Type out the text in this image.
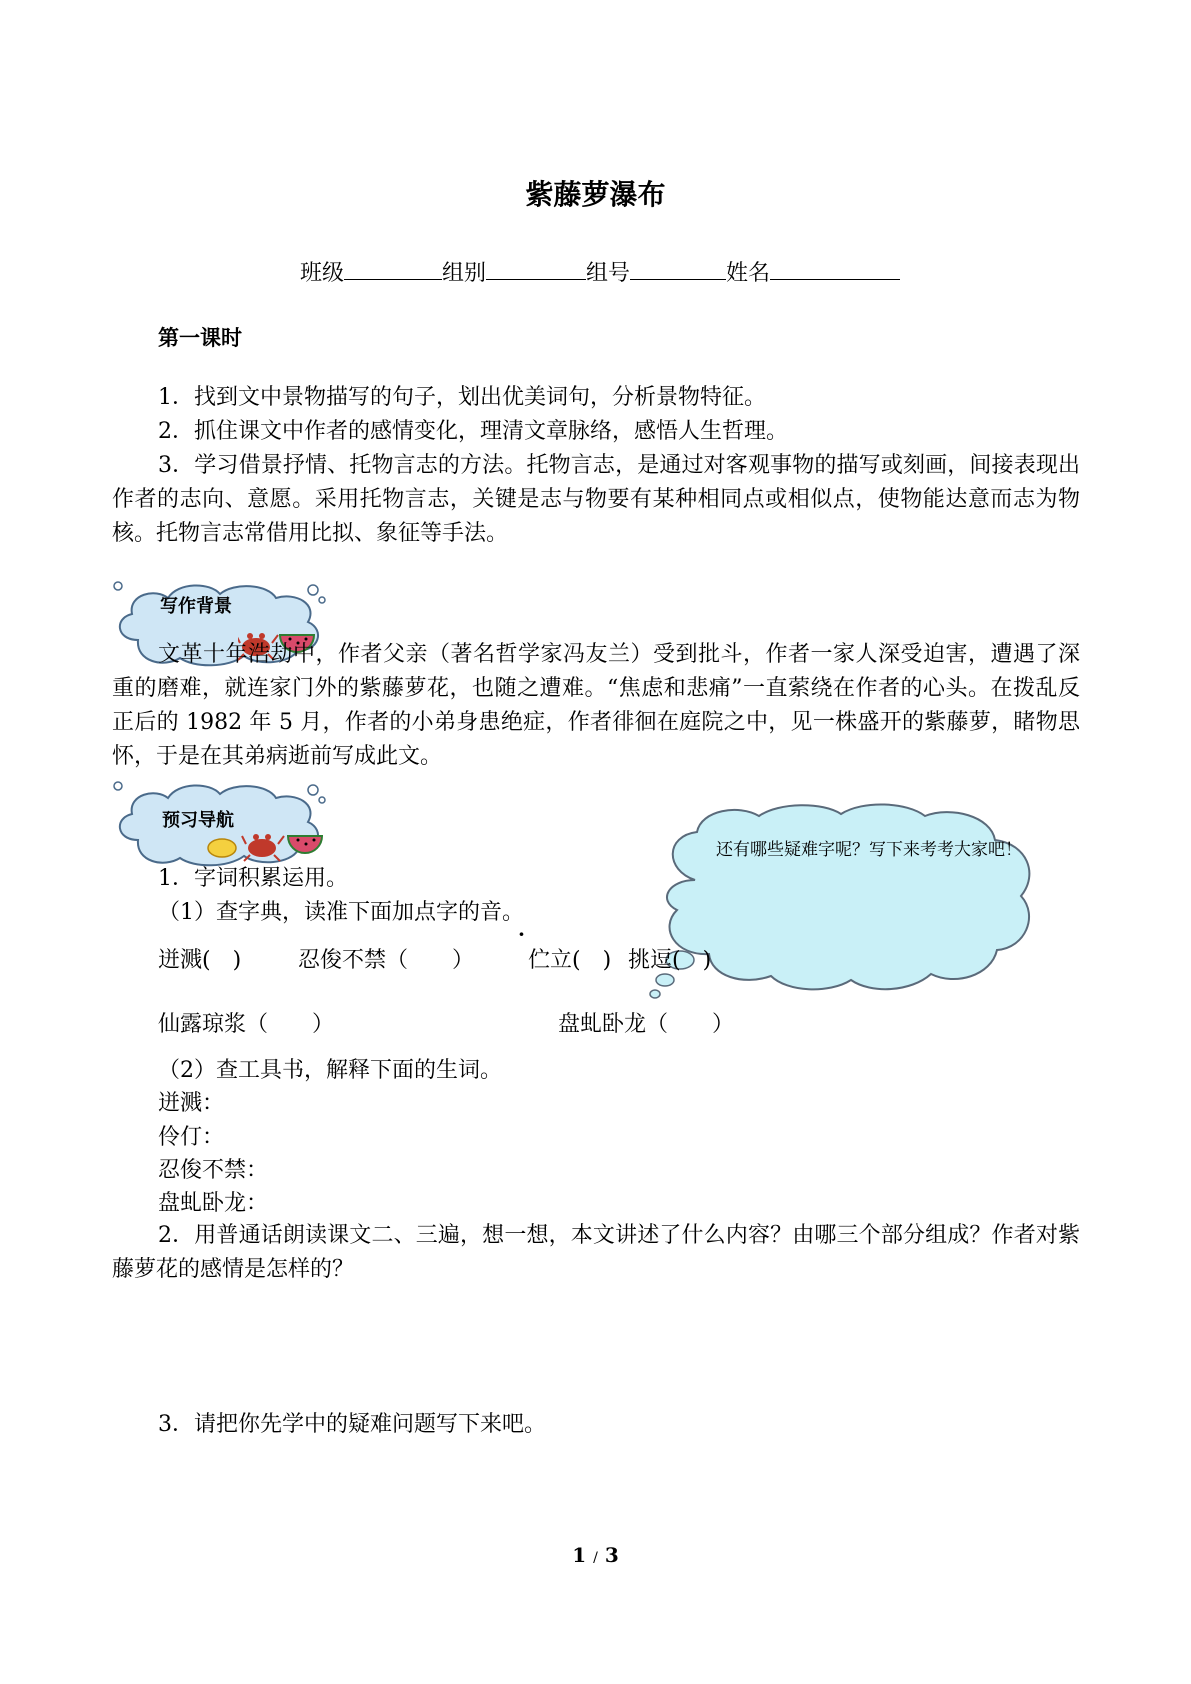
紫藤萝瀑布
班级	组别	组号	姓名
第一课时
1．找到文中景物描写的句子，划出优美词句，分析景物特征。
2．抓住课文中作者的感情变化，理清文章脉络，感悟人生哲理。
3．学习借景抒情、托物言志的方法。托物言志，是通过对客观事物的描写或刻画，间接表现出作者的志向、意愿。采用托物言志，关键是志与物要有某种相同点或相似点，使物能达意而志为物核。托物言志常借用比拟、象征等手法。
写作背景
文革十年浩劫中，作者父亲（著名哲学家冯友兰）受到批斗，作者一家人深受迫害，遭遇了深重的磨难，就连家门外的紫藤萝花，也随之遭难。“焦虑和悲痛”一直萦绕在作者的心头。在拨乱反正后的 1982 年 5 月，作者的小弟身患绝症，作者徘徊在庭院之中，见一株盛开的紫藤萝，睹物思怀，于是在其弟病逝前写成此文。
预习导航
还有哪些疑难字呢？写下来考考大家吧！
1．字词积累运用。
（1）查字典，读准下面加点字的音。
·
迸溅(　)	忍俊不禁（　　） 伫立(　) 挑逗(　)
仙露琼浆（　　）	盘虬卧龙（　　）
（2）查工具书，解释下面的生词。
迸溅：
伶仃：
忍俊不禁：
盘虬卧龙：
2．用普通话朗读课文二、三遍，想一想，本文讲述了什么内容？由哪三个部分组成？作者对紫藤萝花的感情是怎样的？
3．请把你先学中的疑难问题写下来吧。
1 / 3
